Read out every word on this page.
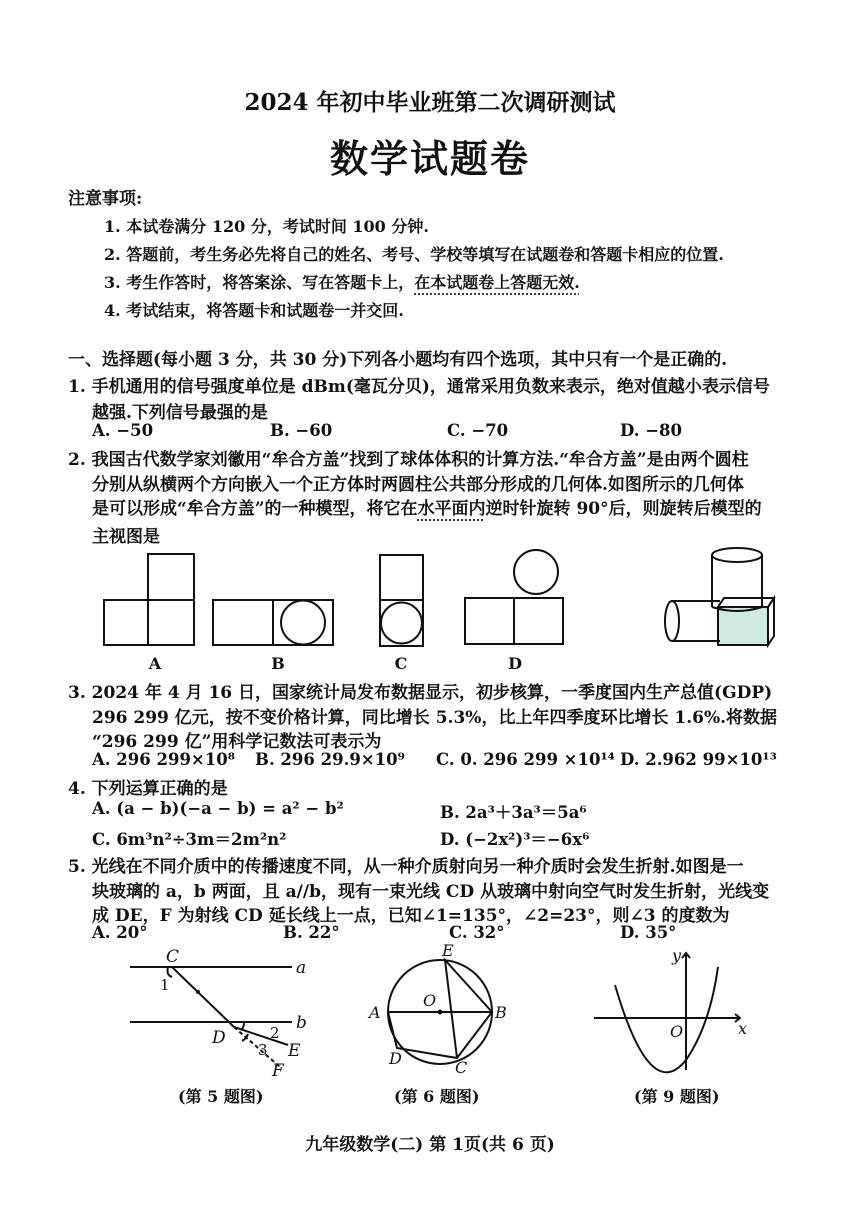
2024 年初中毕业班第二次调研测试
数学试题卷
注意事项:
1. 本试卷满分 120 分，考试时间 100 分钟.
2. 答题前，考生务必先将自己的姓名、考号、学校等填写在试题卷和答题卡相应的位置.
3. 考生作答时，将答案涂、写在答题卡上，在本试题卷上答题无效.
4. 考试结束，将答题卡和试题卷一并交回.
一、选择题(每小题 3 分，共 30 分)下列各小题均有四个选项，其中只有一个是正确的.
1. 手机通用的信号强度单位是 dBm(毫瓦分贝)，通常采用负数来表示，绝对值越小表示信号
越强.下列信号最强的是
A. −50	B. −60	C. −70	D. −80
2. 我国古代数学家刘徽用“牟合方盖”找到了球体体积的计算方法.“牟合方盖”是由两个圆柱
分别从纵横两个方向嵌入一个正方体时两圆柱公共部分形成的几何体.如图所示的几何体
是可以形成“牟合方盖”的一种模型，将它在水平面内逆时针旋转 90°后，则旋转后模型的
主视图是
A	B	C	D
3. 2024 年 4 月 16 日，国家统计局发布数据显示，初步核算，一季度国内生产总值(GDP)
296 299 亿元，按不变价格计算，同比增长 5.3%，比上年四季度环比增长 1.6%.将数据
“296 299 亿”用科学记数法可表示为
A. 296 299×10⁸ B. 296 29.9×10⁹ C. 0. 296 299 ×10¹⁴ D. 2.962 99×10¹³
4. 下列运算正确的是
A. (a − b)(−a − b) = a² − b²	B. 2a³＋3a³＝5a⁶
C. 6m³n²÷3m＝2m²n²	D. (−2x²)³＝−6x⁶
5. 光线在不同介质中的传播速度不同，从一种介质射向另一种介质时会发生折射.如图是一
块玻璃的 a，b 两面，且 a//b，现有一束光线 CD 从玻璃中射向空气时发生折射，光线变
成 DE，F 为射线 CD 延长线上一点，已知∠1=135°，∠2=23°，则∠3 的度数为
A. 20°	B. 22°	C. 32°	D. 35°
C
a
1
b
D	2
3 E
F
E
O
A	B
D	C
y
O	x
(第 5 题图)	(第 6 题图)	(第 9 题图)
九年级数学(二) 第 1页(共 6 页)
